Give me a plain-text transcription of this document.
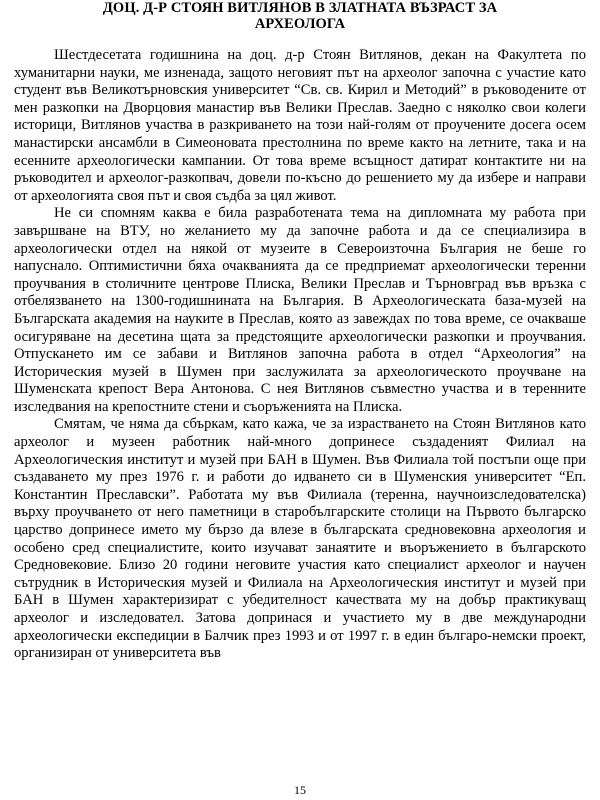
ДОЦ. Д-Р СТОЯН ВИТЛЯНОВ В ЗЛАТНАТА ВЪЗРАСТ ЗА
АРХЕОЛОГА

Шестдесетата годишнина на доц. д-р Стоян Витлянов, декан на Факултета по хуманитарни науки, ме изненада, защото неговият път на археолог започна с участие като студент във Великотърновския университет “Св. св. Кирил и Методий” в ръководените от мен разкопки на Дворцовия манастир във Велики Преслав. Заедно с няколко свои колеги историци, Витлянов участва в разкриването на този най-голям от проучените досега осем манастирски ансамбли в Симеоновата престолнина по време както на летните, така и на есенните археологически кампании. От това време всъщност датират контактите ни на ръководител и археолог-разкопвач, довели по-късно до решението му да избере и направи от археологията своя път и своя съдба за цял живот.

Не си спомням каква е била разработената тема на дипломната му работа при завършване на ВТУ, но желанието му да започне работа и да се специализира в археологически отдел на някой от музеите в Североизточна България не беше го напуснало. Оптимистични бяха очакванията да се предприемат археологически теренни проучвания в столичните центрове Плиска, Велики Преслав и Търновград във връзка с отбелязването на 1300-годишнината на България. В Археологическата база-музей на Българската академия на науките в Преслав, която аз завеждах по това време, се очакваше осигуряване на десетина щата за предстоящите археологически разкопки и проучвания. Отпускането им се забави и Витлянов започна работа в отдел “Археология” на Историческия музей в Шумен при заслужилата за археологическото проучване на Шуменската крепост Вера Антонова. С нея Витлянов съвместно участва и в теренните изследвания на крепостните стени и съоръженията на Плиска.

Смятам, че няма да сбъркам, като кажа, че за израстването на Стоян Витлянов като археолог и музеен работник най-много допринесе създаденият Филиал на Археологическия институт и музей при БАН в Шумен. Във Филиала той постъпи още при създаването му през 1976 г. и работи до идването си в Шуменския университет “Еп. Константин Преславски”. Работата му във Филиала (теренна, научноизследователска) върху проучването от него паметници в старобългарските столици на Първото българско царство допринесе името му бързо да влезе в българската средновековна археология и особено сред специалистите, които изучават занаятите и въоръжението в българското Средновековие. Близо 20 години неговите участия като специалист археолог и научен сътрудник в Историческия музей и Филиала на Археологическия институт и музей при БАН в Шумен характеризират с убедителност качествата му на добър практикуващ археолог и изследовател. Затова допринася и участието му в две международни археологически експедиции в Балчик през 1993 и от 1997 г. в един българо-немски проект, организиран от университета във

15
